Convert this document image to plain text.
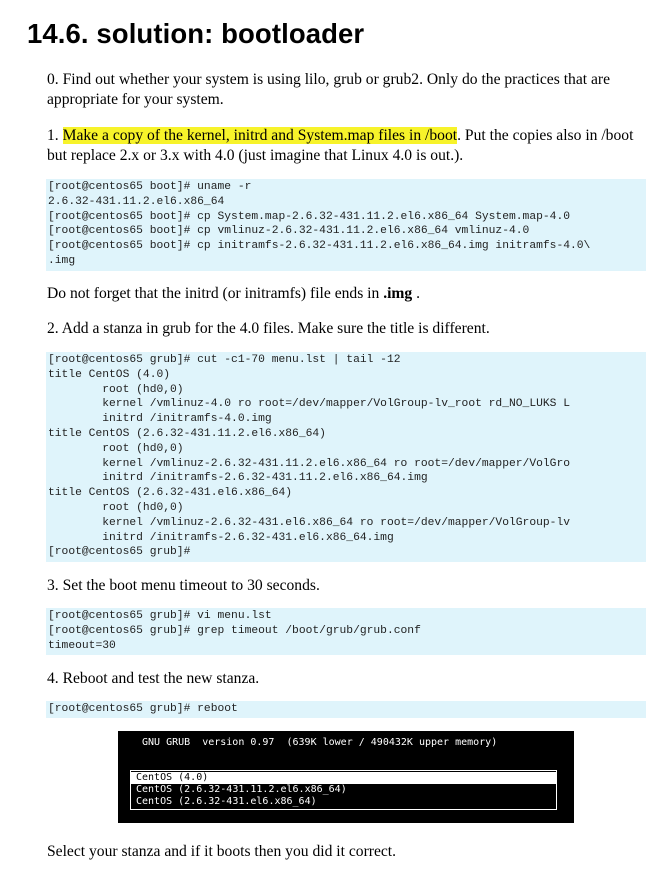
14.6. solution: bootloader

0. Find out whether your system is using lilo, grub or grub2. Only do the practices that are appropriate for your system.

1. Make a copy of the kernel, initrd and System.map files in /boot. Put the copies also in /boot but replace 2.x or 3.x with 4.0 (just imagine that Linux 4.0 is out.).

[root@centos65 boot]# uname -r
2.6.32-431.11.2.el6.x86_64
[root@centos65 boot]# cp System.map-2.6.32-431.11.2.el6.x86_64 System.map-4.0
[root@centos65 boot]# cp vmlinuz-2.6.32-431.11.2.el6.x86_64 vmlinuz-4.0
[root@centos65 boot]# cp initramfs-2.6.32-431.11.2.el6.x86_64.img initramfs-4.0\
.img

Do not forget that the initrd (or initramfs) file ends in .img .

2. Add a stanza in grub for the 4.0 files. Make sure the title is different.

[root@centos65 grub]# cut -c1-70 menu.lst | tail -12
title CentOS (4.0)
root (hd0,0)
kernel /vmlinuz-4.0 ro root=/dev/mapper/VolGroup-lv_root rd_NO_LUKS L
initrd /initramfs-4.0.img
title CentOS (2.6.32-431.11.2.el6.x86_64)
root (hd0,0)
kernel /vmlinuz-2.6.32-431.11.2.el6.x86_64 ro root=/dev/mapper/VolGro
initrd /initramfs-2.6.32-431.11.2.el6.x86_64.img
title CentOS (2.6.32-431.el6.x86_64)
root (hd0,0)
kernel /vmlinuz-2.6.32-431.el6.x86_64 ro root=/dev/mapper/VolGroup-lv
initrd /initramfs-2.6.32-431.el6.x86_64.img
[root@centos65 grub]#

3. Set the boot menu timeout to 30 seconds.

[root@centos65 grub]# vi menu.lst
[root@centos65 grub]# grep timeout /boot/grub/grub.conf
timeout=30

4. Reboot and test the new stanza.

[root@centos65 grub]# reboot
GNU GRUB  version 0.97  (639K lower / 490432K upper memory)
CentOS (4.0)
CentOS (2.6.32-431.11.2.el6.x86_64)
CentOS (2.6.32-431.el6.x86_64)

Select your stanza and if it boots then you did it correct.
